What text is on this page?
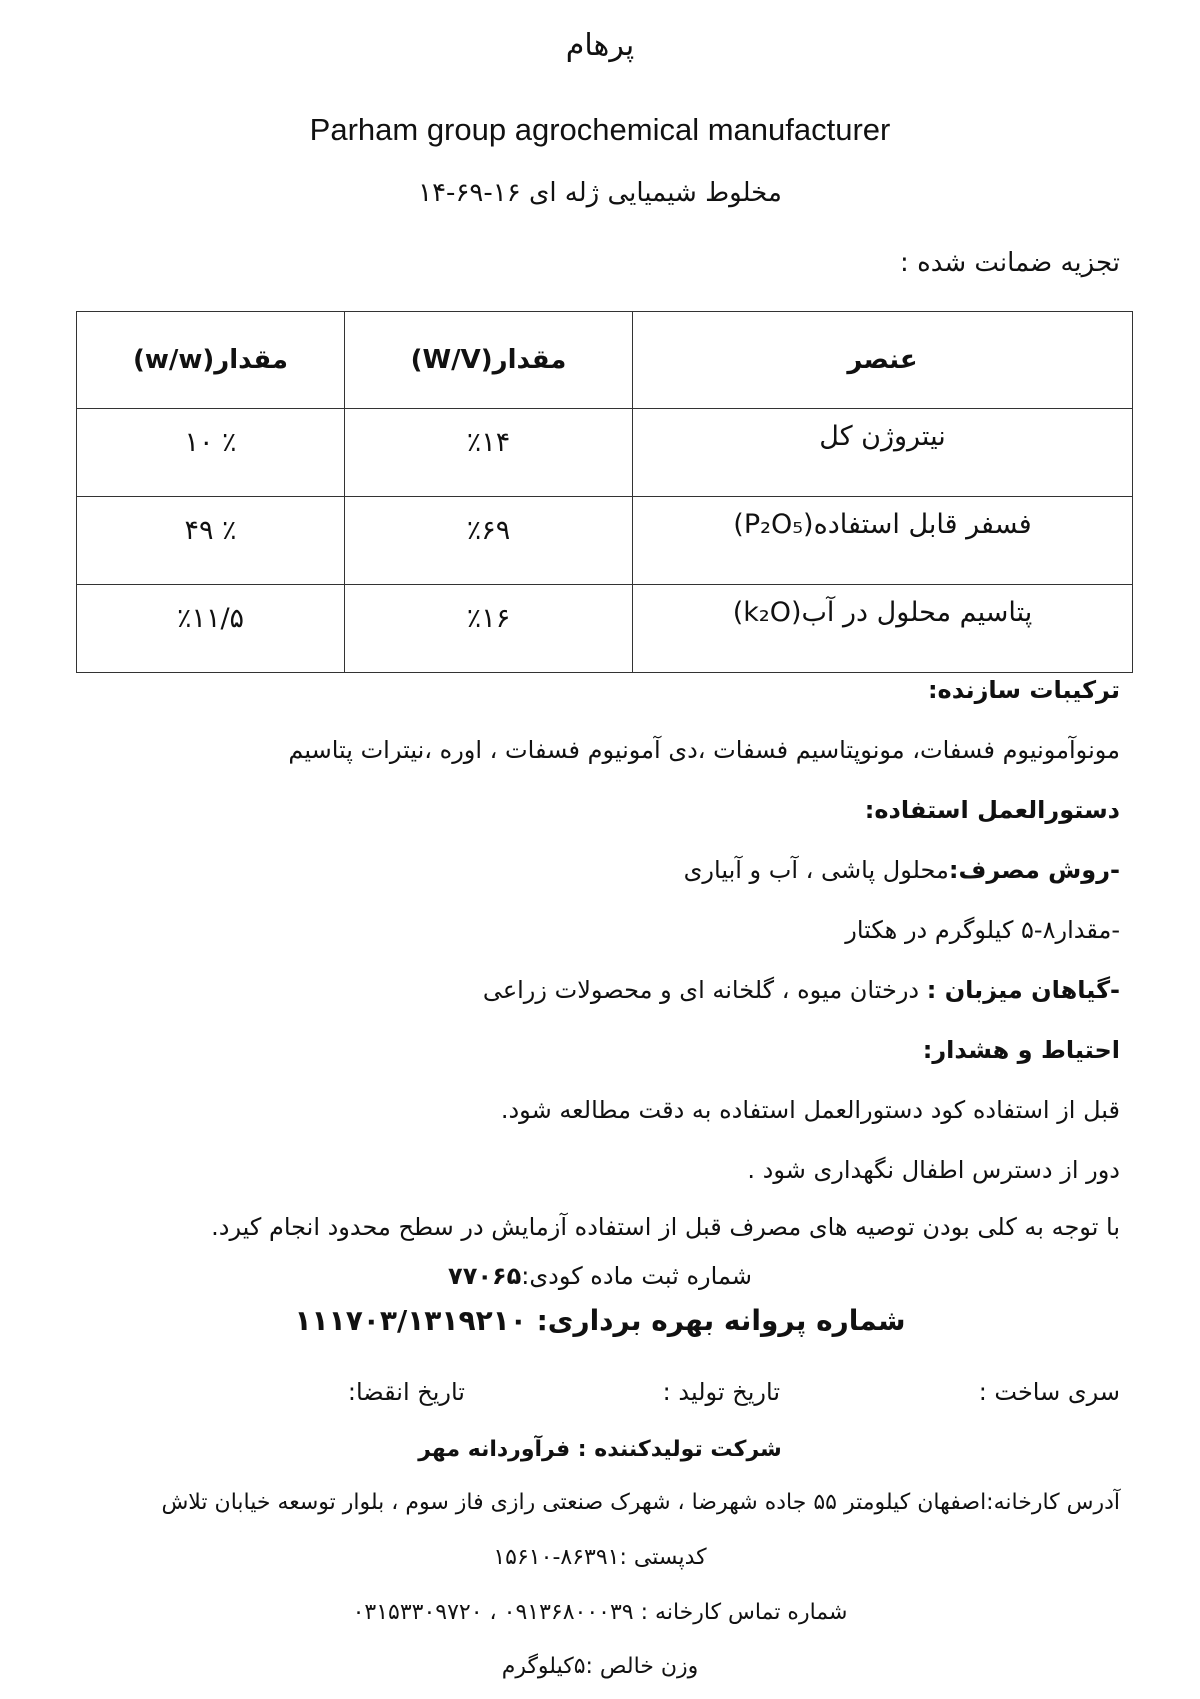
پرهام
Parham group agrochemical manufacturer
مخلوط شیمیایی ژله ای ۱۶-۶۹-۱۴
تجزیه ضمانت شده :
عنصر	مقدار(W/V)	مقدار(w/w)

نیتروژن کل	٪۱۴	٪ ۱۰

فسفر قابل استفاده(P₂O₅)	٪۶۹	٪ ۴۹

پتاسیم محلول در آب(k₂O)	٪۱۶	٪۱۱/۵
ترکیبات سازنده:
مونوآمونیوم فسفات، مونوپتاسیم فسفات ،دی آمونیوم فسفات ، اوره ،نیترات پتاسیم
دستورالعمل استفاده:
-روش مصرف:محلول پاشی ، آب و آبیاری
-مقدار۸-۵ کیلوگرم در هکتار
-گیاهان میزبان : درختان میوه ، گلخانه ای و محصولات زراعی
احتیاط و هشدار:
قبل از استفاده کود دستورالعمل استفاده به دقت مطالعه شود.
دور از دسترس اطفال نگهداری شود .
با توجه به کلی بودن توصیه های مصرف قبل از استفاده آزمایش در سطح محدود انجام کیرد.
شماره ثبت ماده کودی:۷۷۰۶۵
شماره پروانه بهره برداری: ۱۱۱۷۰۳/۱۳۱۹۲۱۰
سری ساخت :
تاریخ تولید :
تاریخ انقضا:
شرکت تولیدکننده : فرآوردانه مهر
آدرس کارخانه:اصفهان کیلومتر ۵۵ جاده شهرضا ، شهرک صنعتی رازی فاز سوم ، بلوار توسعه خیابان تلاش
کدپستی :۸۶۳۹۱-۱۵۶۱۰
شماره تماس کارخانه : ۰۹۱۳۶۸۰۰۰۳۹ ، ۰۳۱۵۳۳۰۹۷۲۰
وزن خالص :۵کیلوگرم
